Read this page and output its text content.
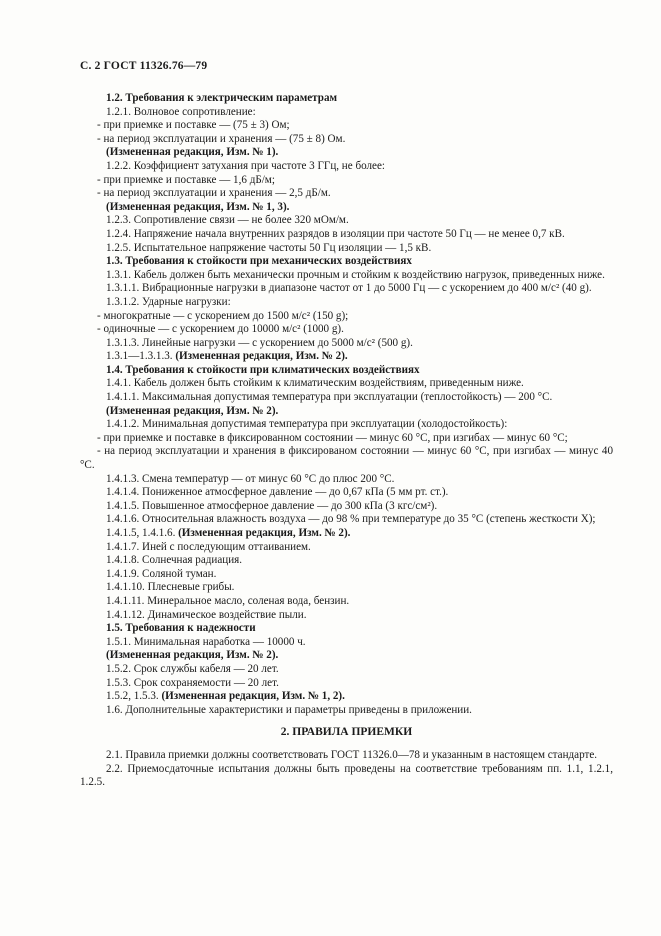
С. 2 ГОСТ 11326.76—79

1.2. Требования к электрическим параметрам

1.2.1. Волновое сопротивление:

- при приемке и поставке — (75 ± 3) Ом;

- на период эксплуатации и хранения — (75 ± 8) Ом.

(Измененная редакция, Изм. № 1).

1.2.2. Коэффициент затухания при частоте 3 ГГц, не более:

- при приемке и поставке — 1,6 дБ/м;

- на период эксплуатации и хранения — 2,5 дБ/м.

(Измененная редакция, Изм. № 1, 3).

1.2.3. Сопротивление связи — не более 320 мОм/м.

1.2.4. Напряжение начала внутренних разрядов в изоляции при частоте 50 Гц — не менее 0,7 кВ.

1.2.5. Испытательное напряжение частоты 50 Гц изоляции — 1,5 кВ.

1.3. Требования к стойкости при механических воздействиях

1.3.1. Кабель должен быть механически прочным и стойким к воздействию нагрузок, приведенных ниже.

1.3.1.1. Вибрационные нагрузки в диапазоне частот от 1 до 5000 Гц — с ускорением до 400 м/с² (40 g).

1.3.1.2. Ударные нагрузки:

- многократные — с ускорением до 1500 м/с² (150 g);

- одиночные — с ускорением до 10000 м/с² (1000 g).

1.3.1.3. Линейные нагрузки — с ускорением до 5000 м/с² (500 g).

1.3.1—1.3.1.3. (Измененная редакция, Изм. № 2).

1.4. Требования к стойкости при климатических воздействиях

1.4.1. Кабель должен быть стойким к климатическим воздействиям, приведенным ниже.

1.4.1.1. Максимальная допустимая температура при эксплуатации (теплостойкость) — 200 °С.

(Измененная редакция, Изм. № 2).

1.4.1.2. Минимальная допустимая температура при эксплуатации (холодостойкость):

- при приемке и поставке в фиксированном состоянии — минус 60 °С, при изгибах — минус 60 °С;

- на период эксплуатации и хранения в фиксированом состоянии — минус 60 °С, при изгибах — минус 40 °С.

1.4.1.3. Смена температур — от минус 60 °С до плюс 200 °С.

1.4.1.4. Пониженное атмосферное давление — до 0,67 кПа (5 мм рт. ст.).

1.4.1.5. Повышенное атмосферное давление — до 300 кПа (3 кгс/см²).

1.4.1.6. Относительная влажность воздуха — до 98 % при температуре до 35 °С (степень жесткости X);

1.4.1.5, 1.4.1.6. (Измененная редакция, Изм. № 2).

1.4.1.7. Иней с последующим оттаиванием.

1.4.1.8. Солнечная радиация.

1.4.1.9. Соляной туман.

1.4.1.10. Плесневые грибы.

1.4.1.11. Минеральное масло, соленая вода, бензин.

1.4.1.12. Динамическое воздействие пыли.

1.5. Требования к надежности

1.5.1. Минимальная наработка — 10000 ч.

(Измененная редакция, Изм. № 2).

1.5.2. Срок службы кабеля — 20 лет.

1.5.3. Срок сохраняемости — 20 лет.

1.5.2, 1.5.3. (Измененная редакция, Изм. № 1, 2).

1.6. Дополнительные характеристики и параметры приведены в приложении.

2. ПРАВИЛА ПРИЕМКИ

2.1. Правила приемки должны соответствовать ГОСТ 11326.0—78 и указанным в настоящем стандарте.

2.2. Приемосдаточные испытания должны быть проведены на соответствие требованиям пп. 1.1, 1.2.1, 1.2.5.
